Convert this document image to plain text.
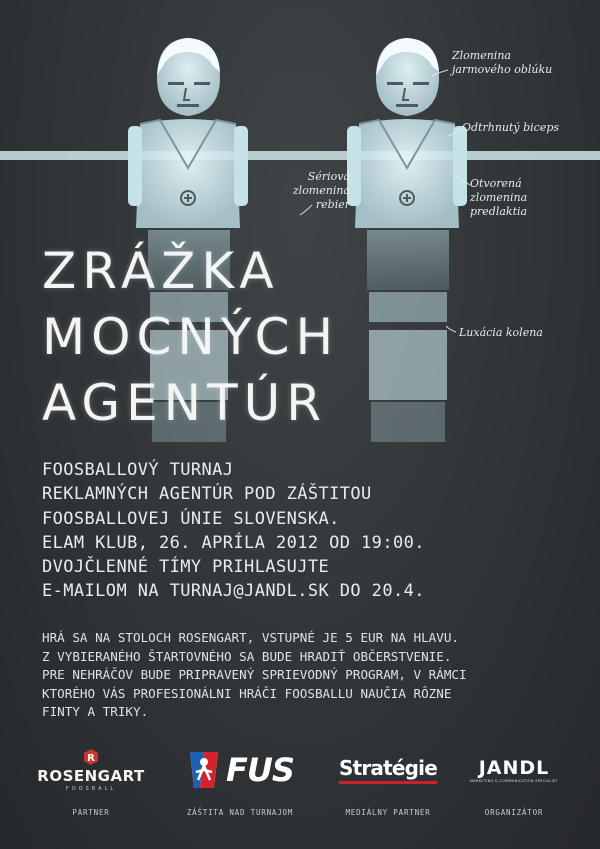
Zlomenina
jarmového oblúku
Odtrhnutý biceps
Sériová
zlomenina
rebier
Otvorená
zlomenina
predlaktia
Luxácia kolena
ZRÁŽKA
MOCNÝCH
AGENTÚR
FOOSBALLOVÝ TURNAJ
REKLAMNÝCH AGENTÚR POD ZÁŠTITOU
FOOSBALLOVEJ ÚNIE SLOVENSKA.
ELAM KLUB, 26. APRÍLA 2012 OD 19:00.
DVOJČLENNÉ TÍMY PRIHLASUJTE
E-MAILOM NA TURNAJ@JANDL.SK DO 20.4.
HRÁ SA NA STOLOCH ROSENGART, VSTUPNÉ JE 5 EUR NA HLAVU.
Z VYBIERANÉHO ŠTARTOVNÉHO SA BUDE HRADIŤ OBČERSTVENIE.
PRE NEHRÁČOV BUDE PRIPRAVENÝ SPRIEVODNÝ PROGRAM, V RÁMCI
KTORÉHO VÁS PROFESIONÁLNI HRÁČI FOOSBALLU NAUČIA RÔZNE
FINTY A TRIKY.
R
ROSENGART
FOOSBALL
PARTNER
FUS
ZÁŠTITA NAD TURNAJOM
Stratégie
MEDIÁLNY PARTNER
JANDL
MARKETING & COMMUNICATION SPECIALIST
ORGANIZÁTOR
